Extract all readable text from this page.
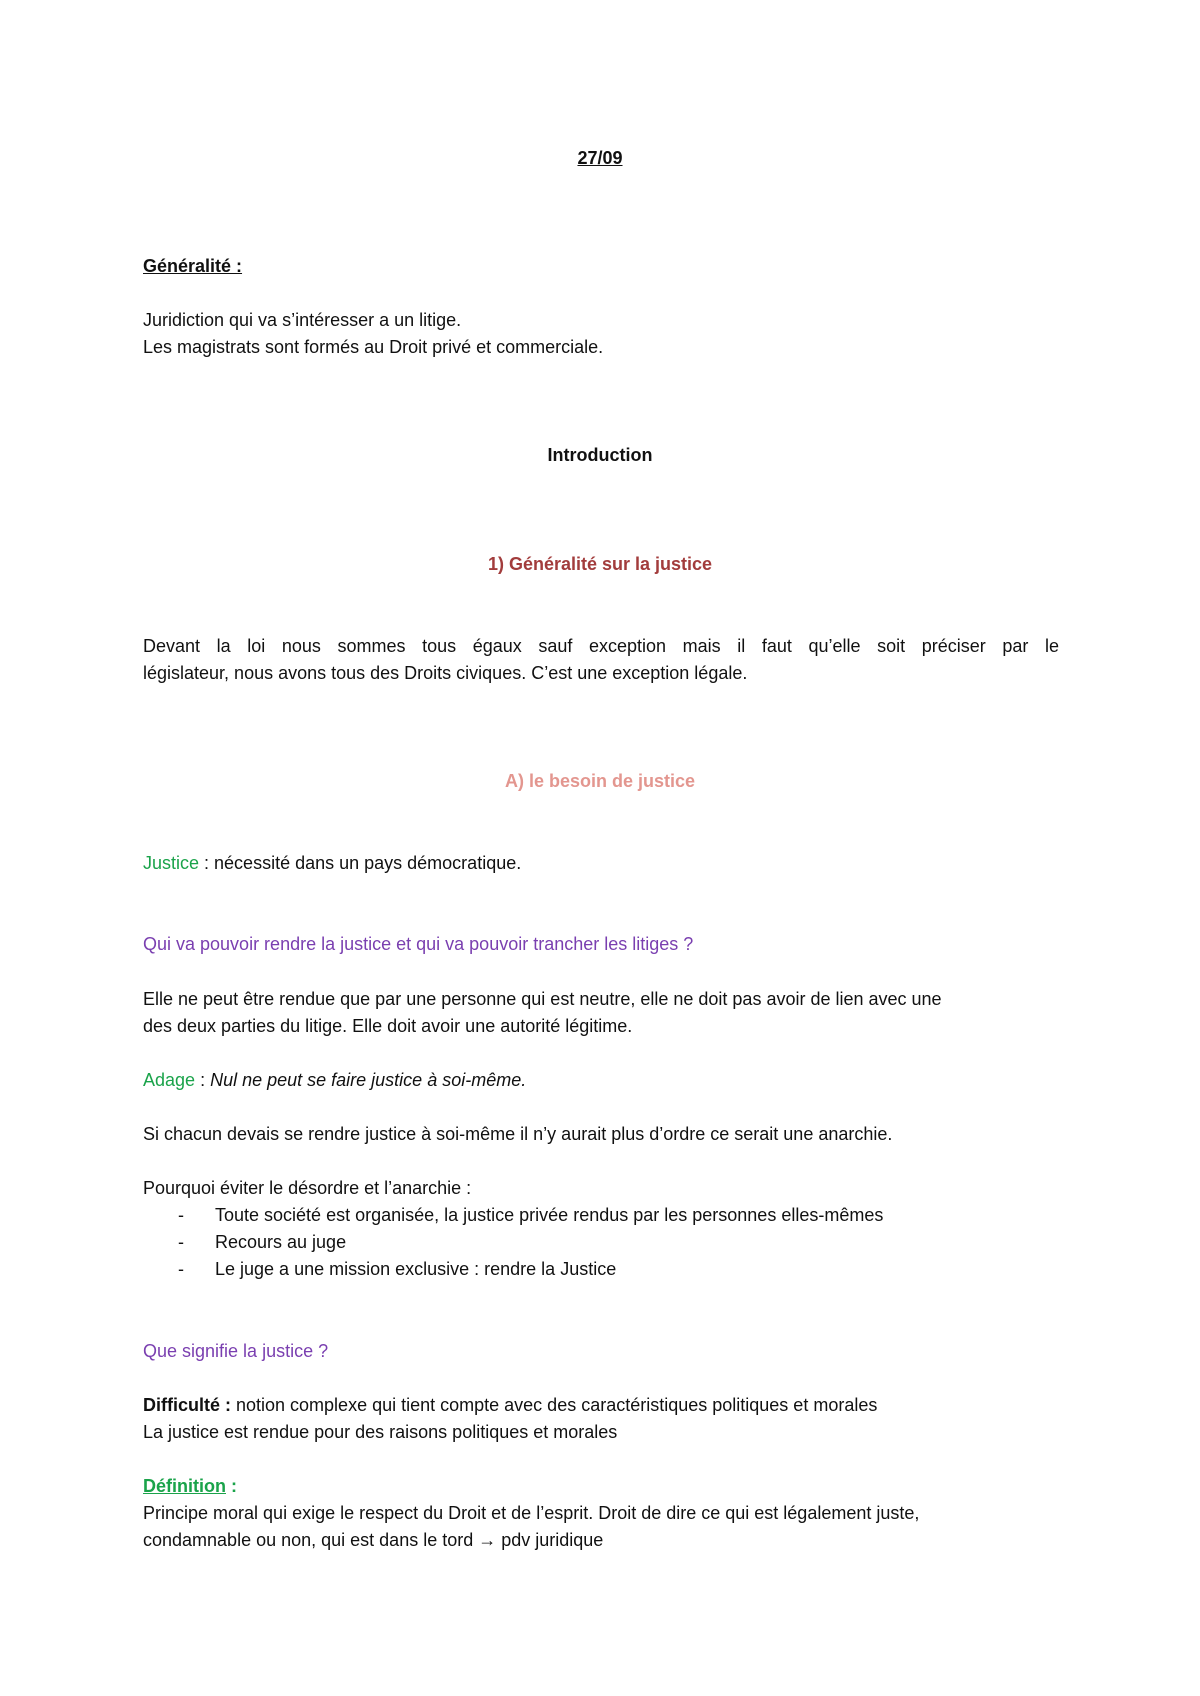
27/09
Généralité :
Juridiction qui va s’intéresser a un litige.
Les magistrats sont formés au Droit privé et commerciale.
Introduction
1) Généralité sur la justice
Devant la loi nous sommes tous égaux sauf exception mais il faut qu’elle soit préciser par le
législateur, nous avons tous des Droits civiques. C’est une exception légale.
A) le besoin de justice
Justice : nécessité dans un pays démocratique.
Qui va pouvoir rendre la justice et qui va pouvoir trancher les litiges ?
Elle ne peut être rendue que par une personne qui est neutre, elle ne doit pas avoir de lien avec une
des deux parties du litige. Elle doit avoir une autorité légitime.
Adage : Nul ne peut se faire justice à soi-même.
Si chacun devais se rendre justice à soi-même il n’y aurait plus d’ordre ce serait une anarchie.
Pourquoi éviter le désordre et l’anarchie :
- Toute société est organisée, la justice privée rendus par les personnes elles-mêmes
- Recours au juge
- Le juge a une mission exclusive : rendre la Justice
Que signifie la justice ?
Difficulté : notion complexe qui tient compte avec des caractéristiques politiques et morales
La justice est rendue pour des raisons politiques et morales
Définition :
Principe moral qui exige le respect du Droit et de l’esprit. Droit de dire ce qui est légalement juste,
condamnable ou non, qui est dans le tord → pdv juridique
